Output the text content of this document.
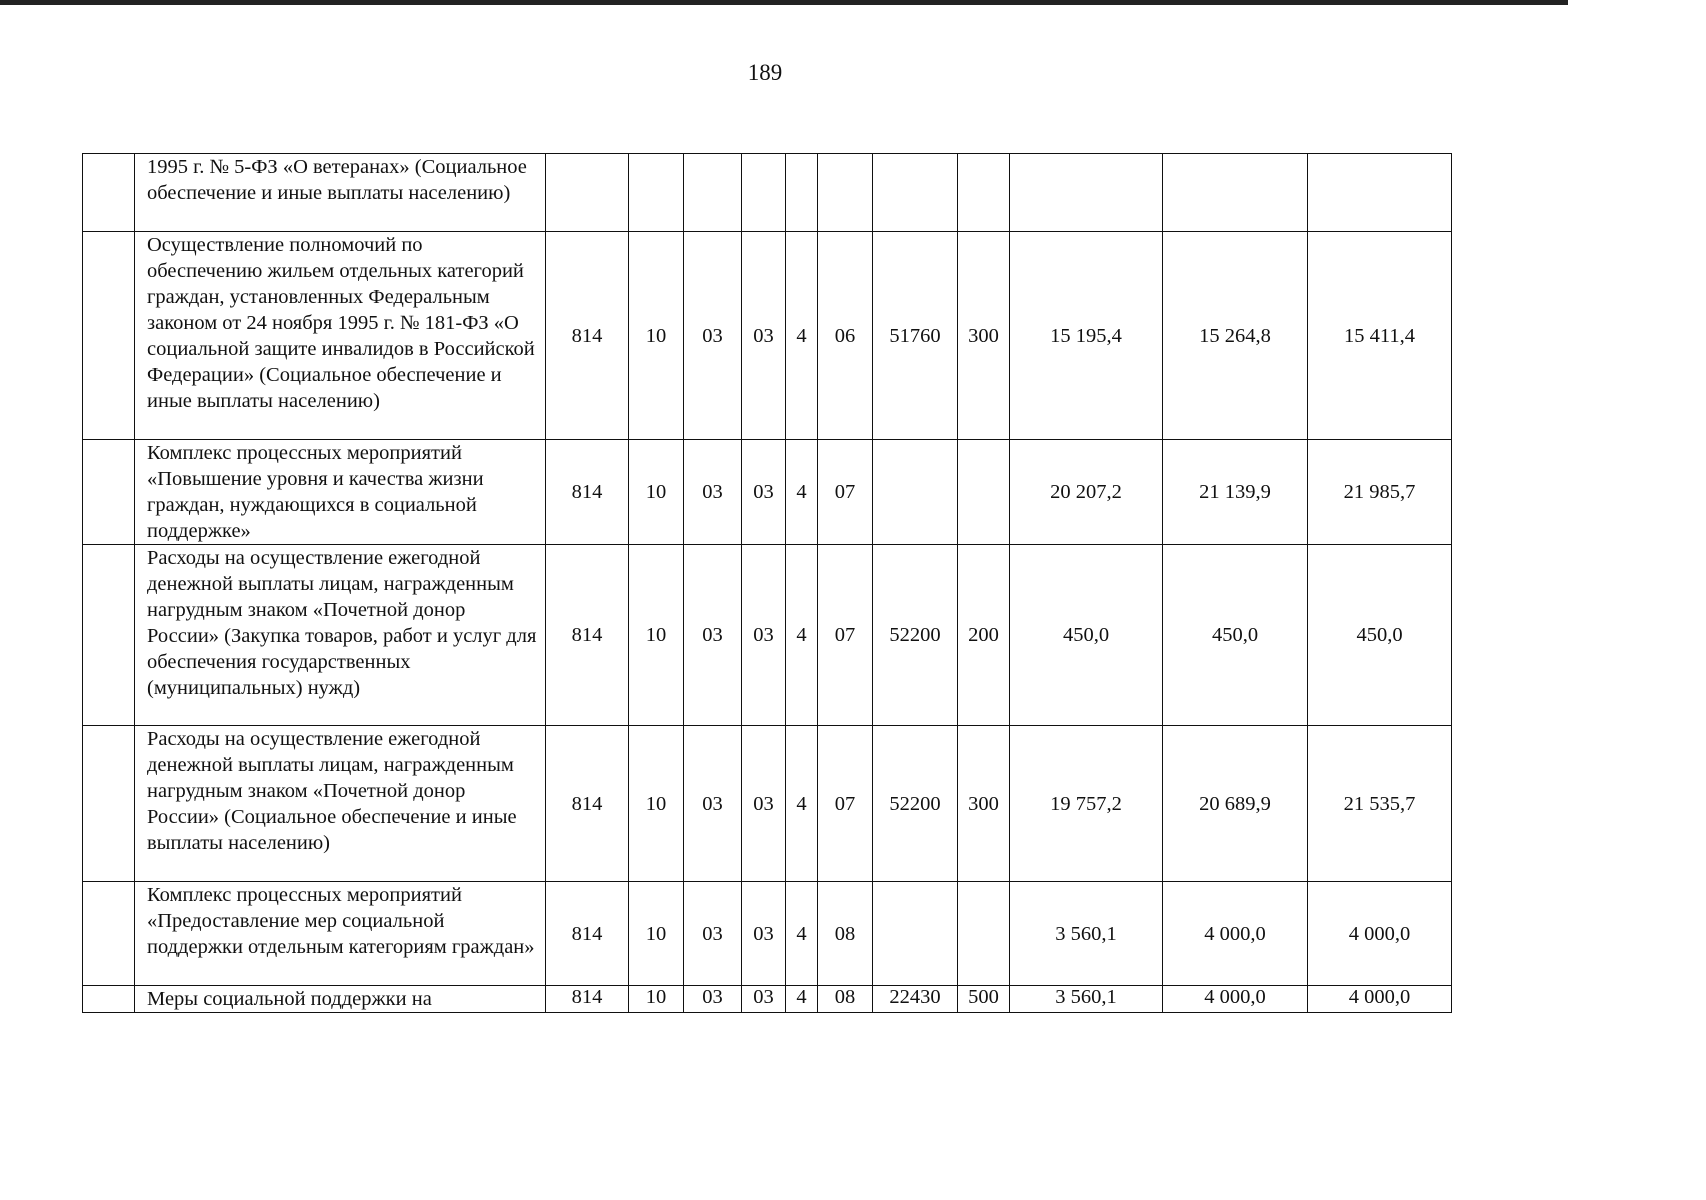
189
	1995 г. № 5-ФЗ «О ветеранах» (Социальное обеспечение и иные выплаты населению)											
	Осуществление полномочий по обеспечению жильем отдельных категорий граждан, установленных Федеральным законом от 24 ноября 1995 г. № 181-ФЗ «О социальной защите инвалидов в Российской Федерации» (Социальное обеспечение и иные выплаты населению)	814	10	03	03	4	06	51760	300	15 195,4	15 264,8	15 411,4
	Комплекс процессных мероприятий «Повышение уровня и качества жизни граждан, нуждающихся в социальной поддержке»	814	10	03	03	4	07			20 207,2	21 139,9	21 985,7
	Расходы на осуществление ежегодной денежной выплаты лицам, награжденным нагрудным знаком «Почетной донор России» (Закупка товаров, работ и услуг для обеспечения государственных (муниципальных) нужд)	814	10	03	03	4	07	52200	200	450,0	450,0	450,0
	Расходы на осуществление ежегодной денежной выплаты лицам, награжденным нагрудным знаком «Почетной донор России» (Социальное обеспечение и иные выплаты населению)	814	10	03	03	4	07	52200	300	19 757,2	20 689,9	21 535,7
	Комплекс процессных мероприятий «Предоставление мер социальной поддержки отдельным категориям граждан»	814	10	03	03	4	08			3 560,1	4 000,0	4 000,0
	Меры социальной поддержки на	814	10	03	03	4	08	22430	500	3 560,1	4 000,0	4 000,0
